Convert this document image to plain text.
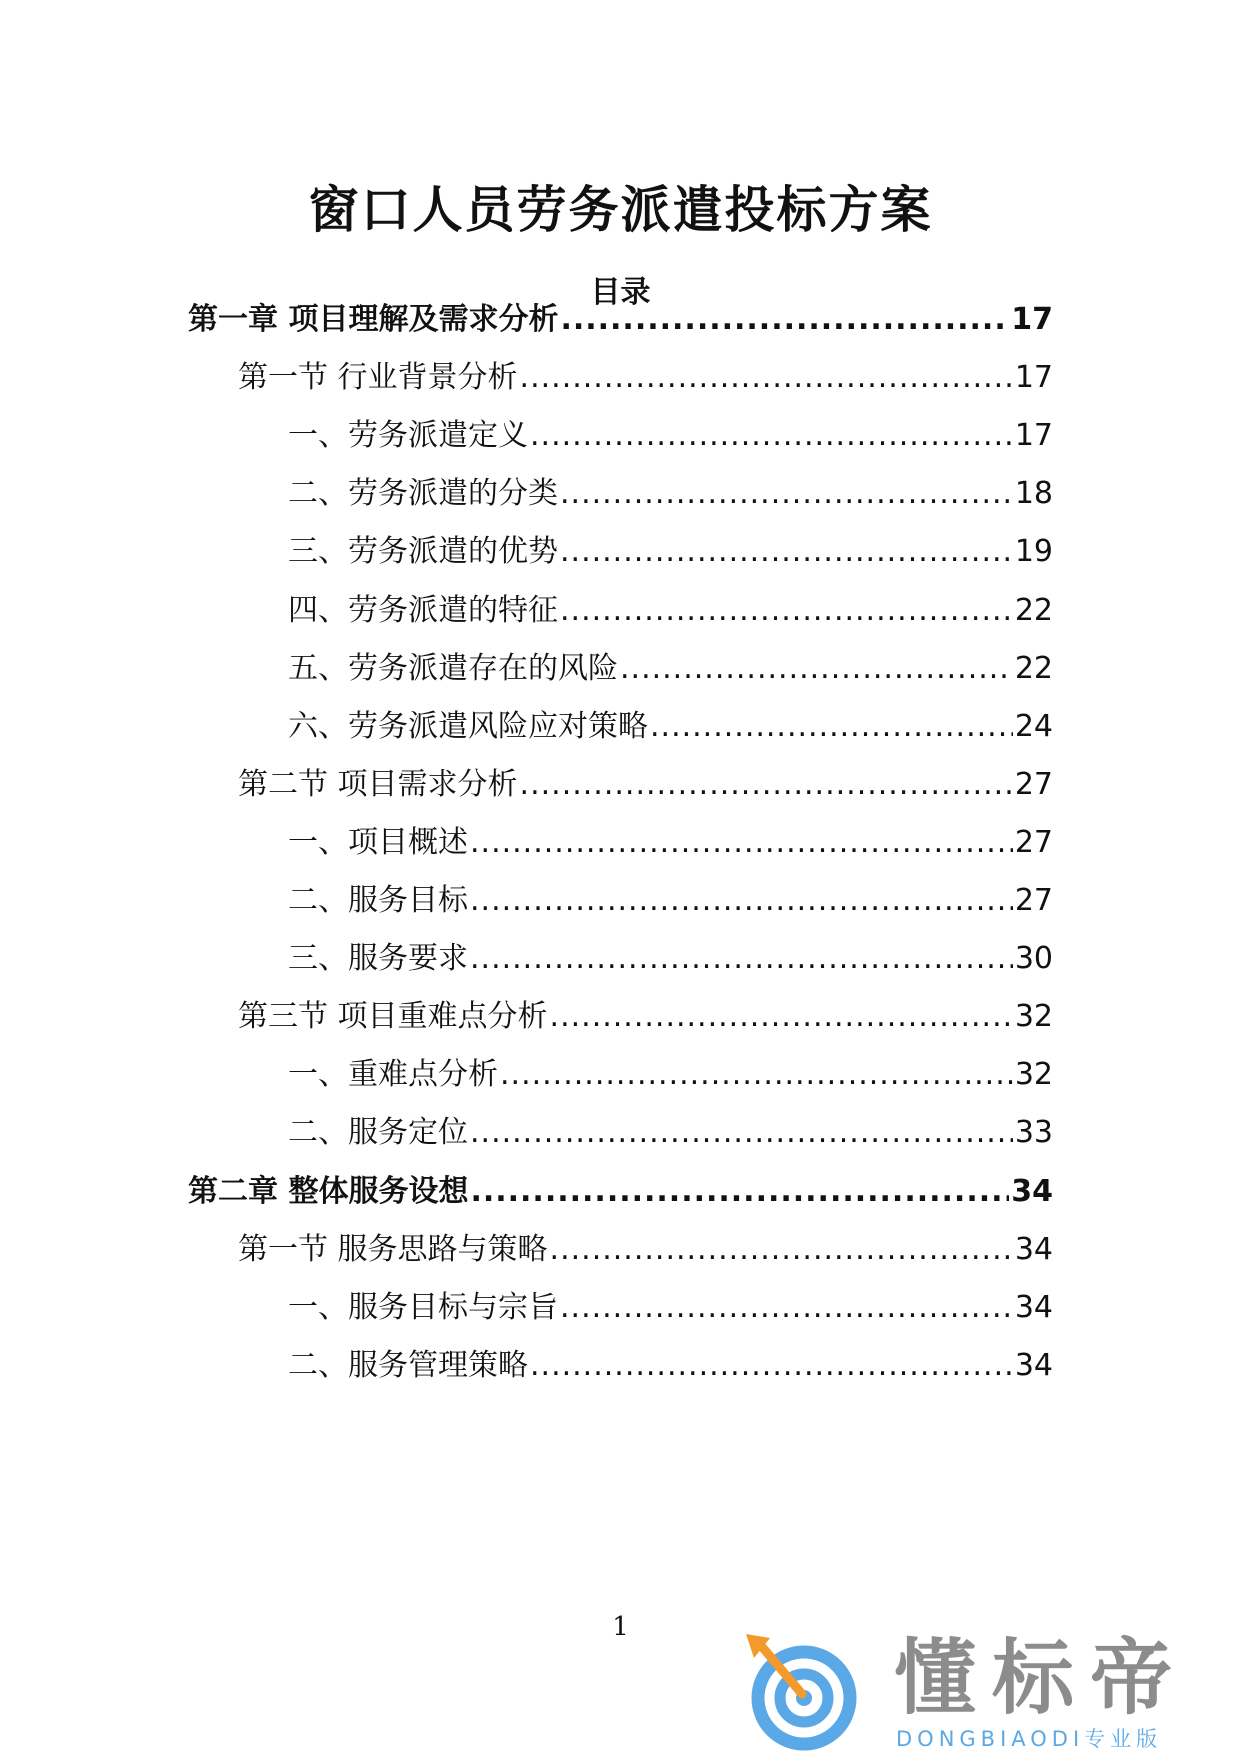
窗口人员劳务派遣投标方案
目录
第一章 项目理解及需求分析 .....	17
第一节 行业背景分析 .....	17
一、劳务派遣定义 .....	17
二、劳务派遣的分类 .....	18
三、劳务派遣的优势 .....	19
四、劳务派遣的特征 .....	22
五、劳务派遣存在的风险 .....	22
六、劳务派遣风险应对策略 .....	24
第二节 项目需求分析 .....	27
一、项目概述 .....	27
二、服务目标 .....	27
三、服务要求 .....	30
第三节 项目重难点分析 .....	32
一、重难点分析 .....	32
二、服务定位 .....	33
第二章 整体服务设想 .....	34
第一节 服务思路与策略 .....	34
一、服务目标与宗旨 .....	34
二、服务管理策略 .....	34
1
懂标帝
DONGBIAODI专业版
